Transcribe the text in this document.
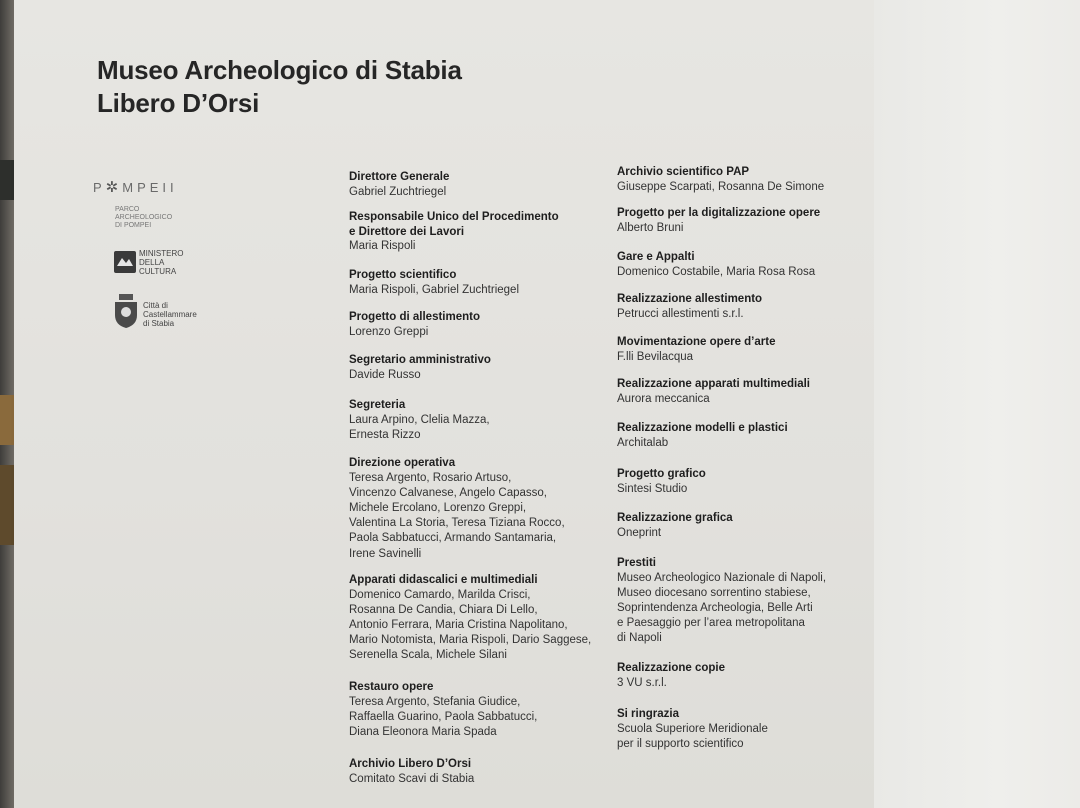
Museo Archeologico di Stabia
Libero D’Orsi
P✲MPEII
PARCO
ARCHEOLOGICO
DI POMPEI
MINISTERO
DELLA
CULTURA
Città di
Castellammare
di Stabia
Direttore Generale
Gabriel Zuchtriegel
Responsabile Unico del Procedimento
e Direttore dei Lavori
Maria Rispoli
Progetto scientifico
Maria Rispoli, Gabriel Zuchtriegel
Progetto di allestimento
Lorenzo Greppi
Segretario amministrativo
Davide Russo
Segreteria
Laura Arpino, Clelia Mazza,
Ernesta Rizzo
Direzione operativa
Teresa Argento, Rosario Artuso,
Vincenzo Calvanese, Angelo Capasso,
Michele Ercolano, Lorenzo Greppi,
Valentina La Storia, Teresa Tiziana Rocco,
Paola Sabbatucci, Armando Santamaria,
Irene Savinelli
Apparati didascalici e multimediali
Domenico Camardo, Marilda Crisci,
Rosanna De Candia, Chiara Di Lello,
Antonio Ferrara, Maria Cristina Napolitano,
Mario Notomista, Maria Rispoli, Dario Saggese,
Serenella Scala, Michele Silani
Restauro opere
Teresa Argento, Stefania Giudice,
Raffaella Guarino, Paola Sabbatucci,
Diana Eleonora Maria Spada
Archivio Libero D’Orsi
Comitato Scavi di Stabia
Archivio scientifico PAP
Giuseppe Scarpati, Rosanna De Simone
Progetto per la digitalizzazione opere
Alberto Bruni
Gare e Appalti
Domenico Costabile, Maria Rosa Rosa
Realizzazione allestimento
Petrucci allestimenti s.r.l.
Movimentazione opere d’arte
F.lli Bevilacqua
Realizzazione apparati multimediali
Aurora meccanica
Realizzazione modelli e plastici
Architalab
Progetto grafico
Sintesi Studio
Realizzazione grafica
Oneprint
Prestiti
Museo Archeologico Nazionale di Napoli,
Museo diocesano sorrentino stabiese,
Soprintendenza Archeologia, Belle Arti
e Paesaggio per l’area metropolitana
di Napoli
Realizzazione copie
3 VU s.r.l.
Si ringrazia
Scuola Superiore Meridionale
per il supporto scientifico
